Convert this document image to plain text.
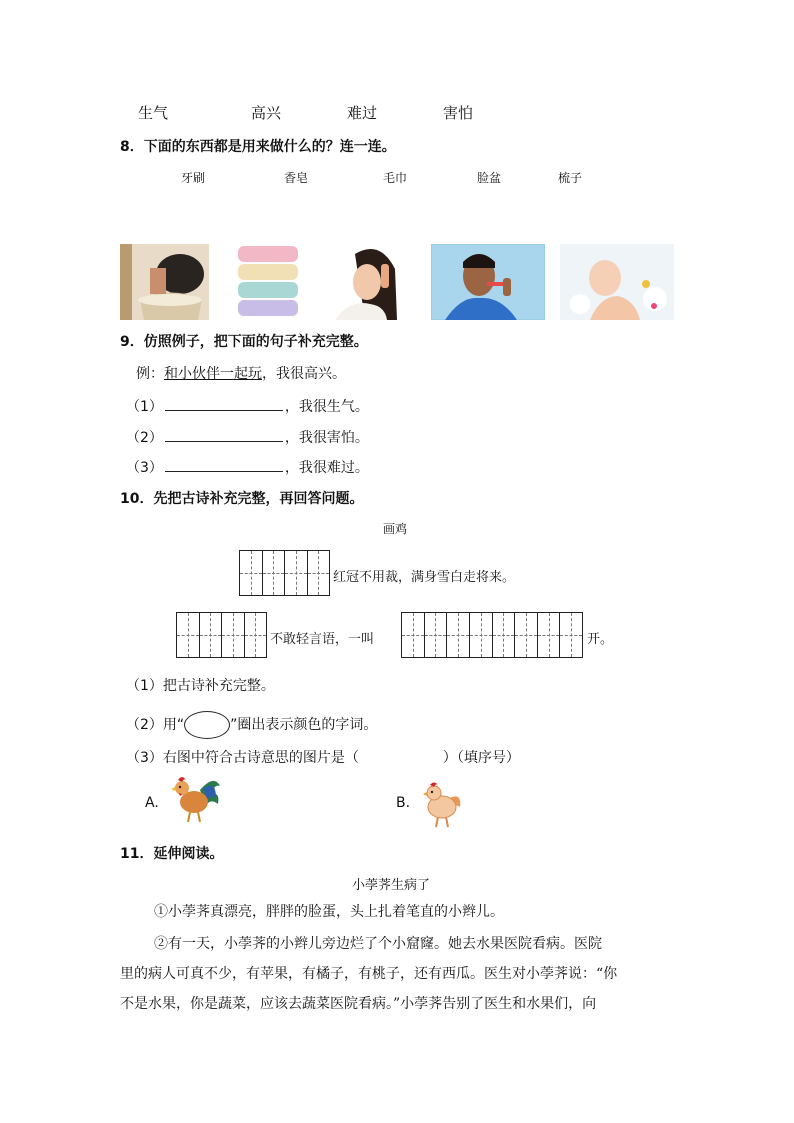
生气	高兴	难过	害怕
8．下面的东西都是用来做什么的？连一连。
牙刷	香皂	毛巾	脸盆	梳子
9．仿照例子，把下面的句子补充完整。
例：和小伙伴一起玩，我很高兴。
（1）	，我很生气。
（2）	，我很害怕。
（3）	，我很难过。
10．先把古诗补充完整，再回答问题。
画鸡
红冠不用裁，满身雪白走将来。
不敢轻言语，一叫	开。
（1）把古诗补充完整。
（2）用“	”圈出表示颜色的字词。
（3）右图中符合古诗意思的图片是（	）（填序号）
A.	B.
11．延伸阅读。
小荸荠生病了
①小荸荠真漂亮，胖胖的脸蛋，头上扎着笔直的小辫儿。
②有一天，小荸荠的小辫儿旁边烂了个小窟窿。她去水果医院看病。医院
里的病人可真不少，有苹果，有橘子，有桃子，还有西瓜。医生对小荸荠说：“你
不是水果，你是蔬菜，应该去蔬菜医院看病。”小荸荠告别了医生和水果们，向
